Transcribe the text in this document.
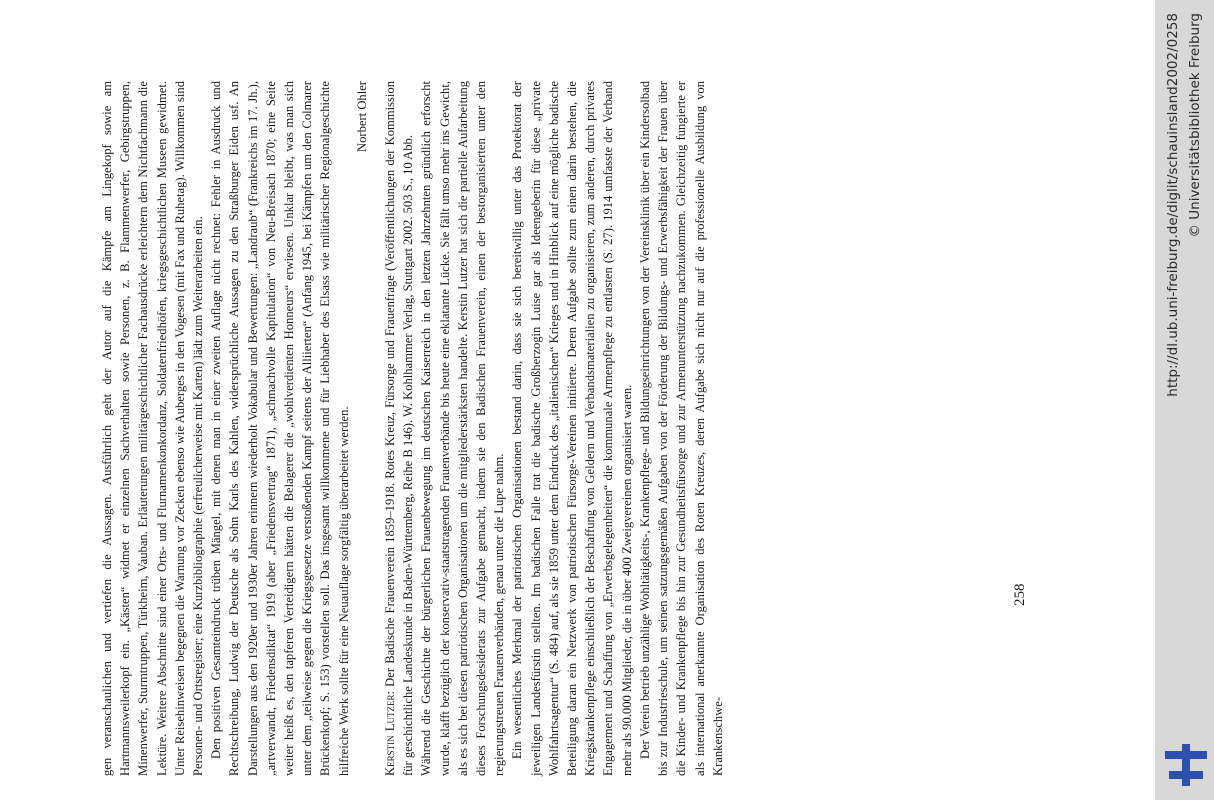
gen veranschaulichen und vertiefen die Aussagen. Ausführlich geht der Autor auf die Kämpfe am Lingekopf sowie am Hartmannsweilerkopf ein. „Kästen“ widmet er einzelnen Sachverhalten sowie Personen, z. B. Flammenwerfer, Gebirgstruppen, Minenwerfer, Sturmtruppen, Türkheim, Vauban. Erläuterungen militärgeschichtlicher Fachausdrücke erleichtern dem Nichtfachmann die Lektüre. Weitere Abschnitte sind einer Orts- und Flurnamenkonkordanz, Soldatenfriedhöfen, kriegsgeschichtlichen Museen gewidmet. Unter Reisehinweisen begegnen die Warnung vor Zecken ebenso wie Auberges in den Vogesen (mit Fax und Ruhetag). Willkommen sind Personen- und Ortsregister; eine Kurzbibliographie (erfreulicherweise mit Karten) lädt zum Weiterarbeiten ein. Den positiven Gesamteindruck trüben Mängel, mit denen man in einer zweiten Auflage nicht rechnet: Fehler in Ausdruck und Rechtschreibung, Ludwig der Deutsche als Sohn Karls des Kahlen, widersprüchliche Aussagen zu den Straßburger Eiden usf. An Darstellungen aus den 1920er und 1930er Jahren erinnern wiederholt Vokabular und Bewertungen: „Landraub“ (Frankreichs im 17. Jh.), „artverwandt, Friedensdiktat“ 1919 (aber „Friedensvertrag“ 1871), „schmachvolle Kapitulation“ von Neu-Breisach 1870; eine Seite weiter heißt es, den tapferen Verteidigern hätten die Belagerer die „wohlverdienten Honneurs“ erwiesen. Unklar bleibt, was man sich unter dem „teilweise gegen die Kriegsgesetze verstoßenden Kampf seitens der Alliierten“ (Anfang 1945, bei Kämpfen um den Colmarer Brückenkopf; S. 153) vorstellen soll. Das insgesamt willkommene und für Liebhaber des Elsass wie militärischer Regionalgeschichte hilfreiche Werk sollte für eine Neuauflage sorgfältig überarbeitet werden.

Norbert Ohler

Kerstin Lutzer: Der Badische Frauenverein 1859–1918. Rotes Kreuz, Fürsorge und Frauenfrage (Veröffentlichungen der Kommission für geschichtliche Landeskunde in Baden-Württemberg, Reihe B 146). W. Kohlhammer Verlag, Stuttgart 2002. 503 S., 10 Abb. Während die Geschichte der bürgerlichen Frauenbewegung im deutschen Kaiserreich in den letzten Jahrzehnten gründlich erforscht wurde, klafft bezüglich der konservativ-staatstragenden Frauenverbände bis heute eine eklatante Lücke. Sie fällt umso mehr ins Gewicht, als es sich bei diesen patriotischen Organisationen um die mitgliederstärksten handelte. Kerstin Lutzer hat sich die partielle Aufarbeitung dieses Forschungsdesiderats zur Aufgabe gemacht, indem sie den Badischen Frauenverein, einen der bestorganisierten unter den regierungstreuen Frauenverbänden, genau unter die Lupe nahm. Ein wesentliches Merkmal der patriotischen Organisationen bestand darin, dass sie sich bereitwillig unter das Protektorat der jeweiligen Landesfürstin stellten. Im badischen Falle trat die badische Großherzogin Luise gar als Ideengeberin für diese „private Wohlfahrtsagentur“ (S. 484) auf, als sie 1859 unter dem Eindruck des „italienischen“ Krieges und in Hinblick auf eine mögliche badische Beteiligung daran ein Netzwerk von patriotischen Fürsorge-Vereinen initiierte. Deren Aufgabe sollte zum einen darin bestehen, die Kriegskrankenpflege einschließlich der Beschaffung von Geldern und Verbandsmaterialien zu organisieren, zum anderen, durch privates Engagement und Schaffung von „Erwerbsgelegenheiten“ die kommunale Armenpflege zu entlasten (S. 27). 1914 umfasste der Verband mehr als 90.000 Mitglieder, die in über 400 Zweigvereinen organisiert waren. Der Verein betrieb unzählige Wohltätigkeits-, Krankenpflege- und Bildungseinrichtungen von der Vereinsklinik über ein Kindersolbad bis zur Industrieschule, um seinen satzungsgemäßen Aufgaben von der Förderung der Bildungs- und Erwerbsfähigkeit der Frauen über die Kinder- und Krankenpflege bis hin zur Gesundheitsfürsorge und zur Armenunterstützung nachzukommen. Gleichzeitig fungierte er als international anerkannte Organisation des Roten Kreuzes, deren Aufgabe sich nicht nur auf die professionelle Ausbildung von Krankenschwe-

258
http://dl.ub.uni-freiburg.de/diglit/schauinsland2002/0258 © Universitätsbibliothek Freiburg
